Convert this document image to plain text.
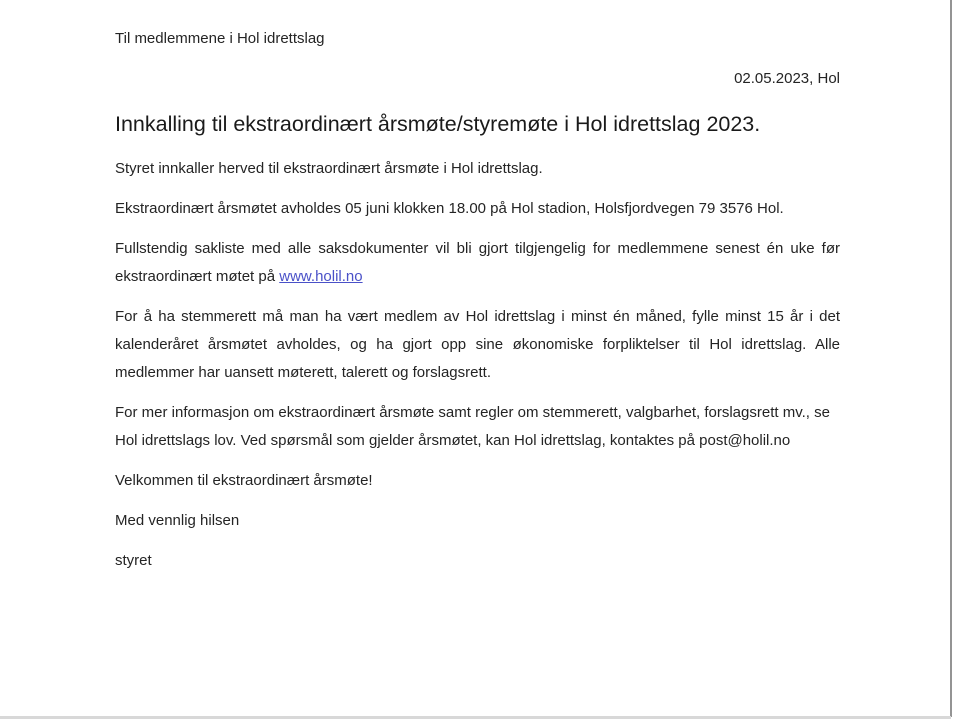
Til medlemmene i Hol idrettslag

02.05.2023, Hol

Innkalling til ekstraordinært årsmøte/styremøte i Hol idrettslag 2023.

Styret innkaller herved til ekstraordinært årsmøte i Hol idrettslag.

Ekstraordinært årsmøtet avholdes 05 juni klokken 18.00 på Hol stadion, Holsfjordvegen 79 3576 Hol.

Fullstendig sakliste med alle saksdokumenter vil bli gjort tilgjengelig for medlemmene senest én uke før ekstraordinært møtet på www.holil.no

For å ha stemmerett må man ha vært medlem av Hol idrettslag i minst én måned, fylle minst 15 år i det kalenderåret årsmøtet avholdes, og ha gjort opp sine økonomiske forpliktelser til Hol idrettslag. Alle medlemmer har uansett møterett, talerett og forslagsrett.

For mer informasjon om ekstraordinært årsmøte samt regler om stemmerett, valgbarhet, forslagsrett mv., se Hol idrettslags lov. Ved spørsmål som gjelder årsmøtet, kan Hol idrettslag, kontaktes på post@holil.no

Velkommen til ekstraordinært årsmøte!

Med vennlig hilsen

styret
